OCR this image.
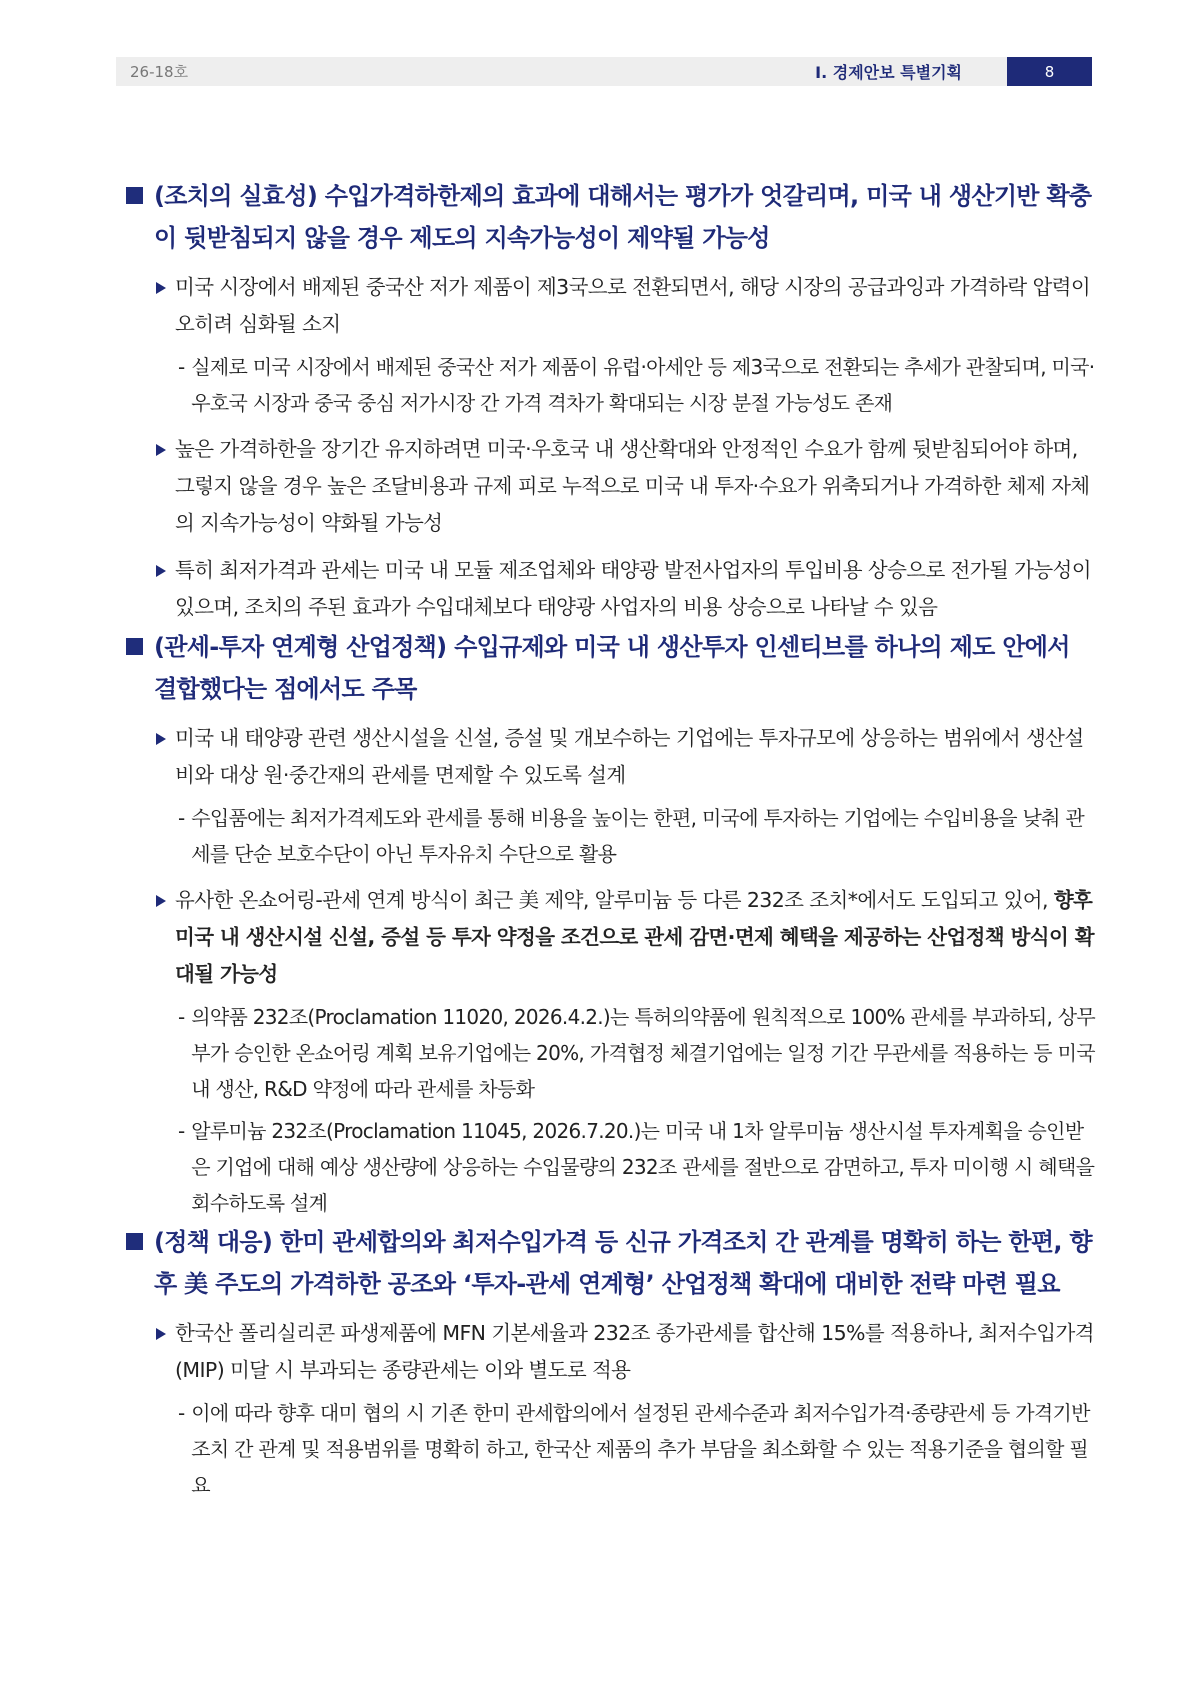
26-18호	Ⅰ. 경제안보 특별기획	8
(조치의 실효성) 수입가격하한제의 효과에 대해서는 평가가 엇갈리며, 미국 내 생산기반 확충이 뒷받침되지 않을 경우 제도의 지속가능성이 제약될 가능성
미국 시장에서 배제된 중국산 저가 제품이 제3국으로 전환되면서, 해당 시장의 공급과잉과 가격하락 압력이 오히려 심화될 소지
- 실제로 미국 시장에서 배제된 중국산 저가 제품이 유럽·아세안 등 제3국으로 전환되는 추세가 관찰되며, 미국·우호국 시장과 중국 중심 저가시장 간 가격 격차가 확대되는 시장 분절 가능성도 존재
높은 가격하한을 장기간 유지하려면 미국·우호국 내 생산확대와 안정적인 수요가 함께 뒷받침되어야 하며, 그렇지 않을 경우 높은 조달비용과 규제 피로 누적으로 미국 내 투자·수요가 위축되거나 가격하한 체제 자체의 지속가능성이 약화될 가능성
특히 최저가격과 관세는 미국 내 모듈 제조업체와 태양광 발전사업자의 투입비용 상승으로 전가될 가능성이 있으며, 조치의 주된 효과가 수입대체보다 태양광 사업자의 비용 상승으로 나타날 수 있음
(관세-투자 연계형 산업정책) 수입규제와 미국 내 생산투자 인센티브를 하나의 제도 안에서 결합했다는 점에서도 주목
미국 내 태양광 관련 생산시설을 신설, 증설 및 개보수하는 기업에는 투자규모에 상응하는 범위에서 생산설비와 대상 원·중간재의 관세를 면제할 수 있도록 설계
- 수입품에는 최저가격제도와 관세를 통해 비용을 높이는 한편, 미국에 투자하는 기업에는 수입비용을 낮춰 관세를 단순 보호수단이 아닌 투자유치 수단으로 활용
유사한 온쇼어링-관세 연계 방식이 최근 美 제약, 알루미늄 등 다른 232조 조치*에서도 도입되고 있어, 향후 미국 내 생산시설 신설, 증설 등 투자 약정을 조건으로 관세 감면·면제 혜택을 제공하는 산업정책 방식이 확대될 가능성
- 의약품 232조(Proclamation 11020, 2026.4.2.)는 특허의약품에 원칙적으로 100% 관세를 부과하되, 상무부가 승인한 온쇼어링 계획 보유기업에는 20%, 가격협정 체결기업에는 일정 기간 무관세를 적용하는 등 미국 내 생산, R&D 약정에 따라 관세를 차등화
- 알루미늄 232조(Proclamation 11045, 2026.7.20.)는 미국 내 1차 알루미늄 생산시설 투자계획을 승인받은 기업에 대해 예상 생산량에 상응하는 수입물량의 232조 관세를 절반으로 감면하고, 투자 미이행 시 혜택을 회수하도록 설계
(정책 대응) 한미 관세합의와 최저수입가격 등 신규 가격조치 간 관계를 명확히 하는 한편, 향후 美 주도의 가격하한 공조와 ‘투자-관세 연계형’ 산업정책 확대에 대비한 전략 마련 필요
한국산 폴리실리콘 파생제품에 MFN 기본세율과 232조 종가관세를 합산해 15%를 적용하나, 최저수입가격(MIP) 미달 시 부과되는 종량관세는 이와 별도로 적용
- 이에 따라 향후 대미 협의 시 기존 한미 관세합의에서 설정된 관세수준과 최저수입가격·종량관세 등 가격기반 조치 간 관계 및 적용범위를 명확히 하고, 한국산 제품의 추가 부담을 최소화할 수 있는 적용기준을 협의할 필요
